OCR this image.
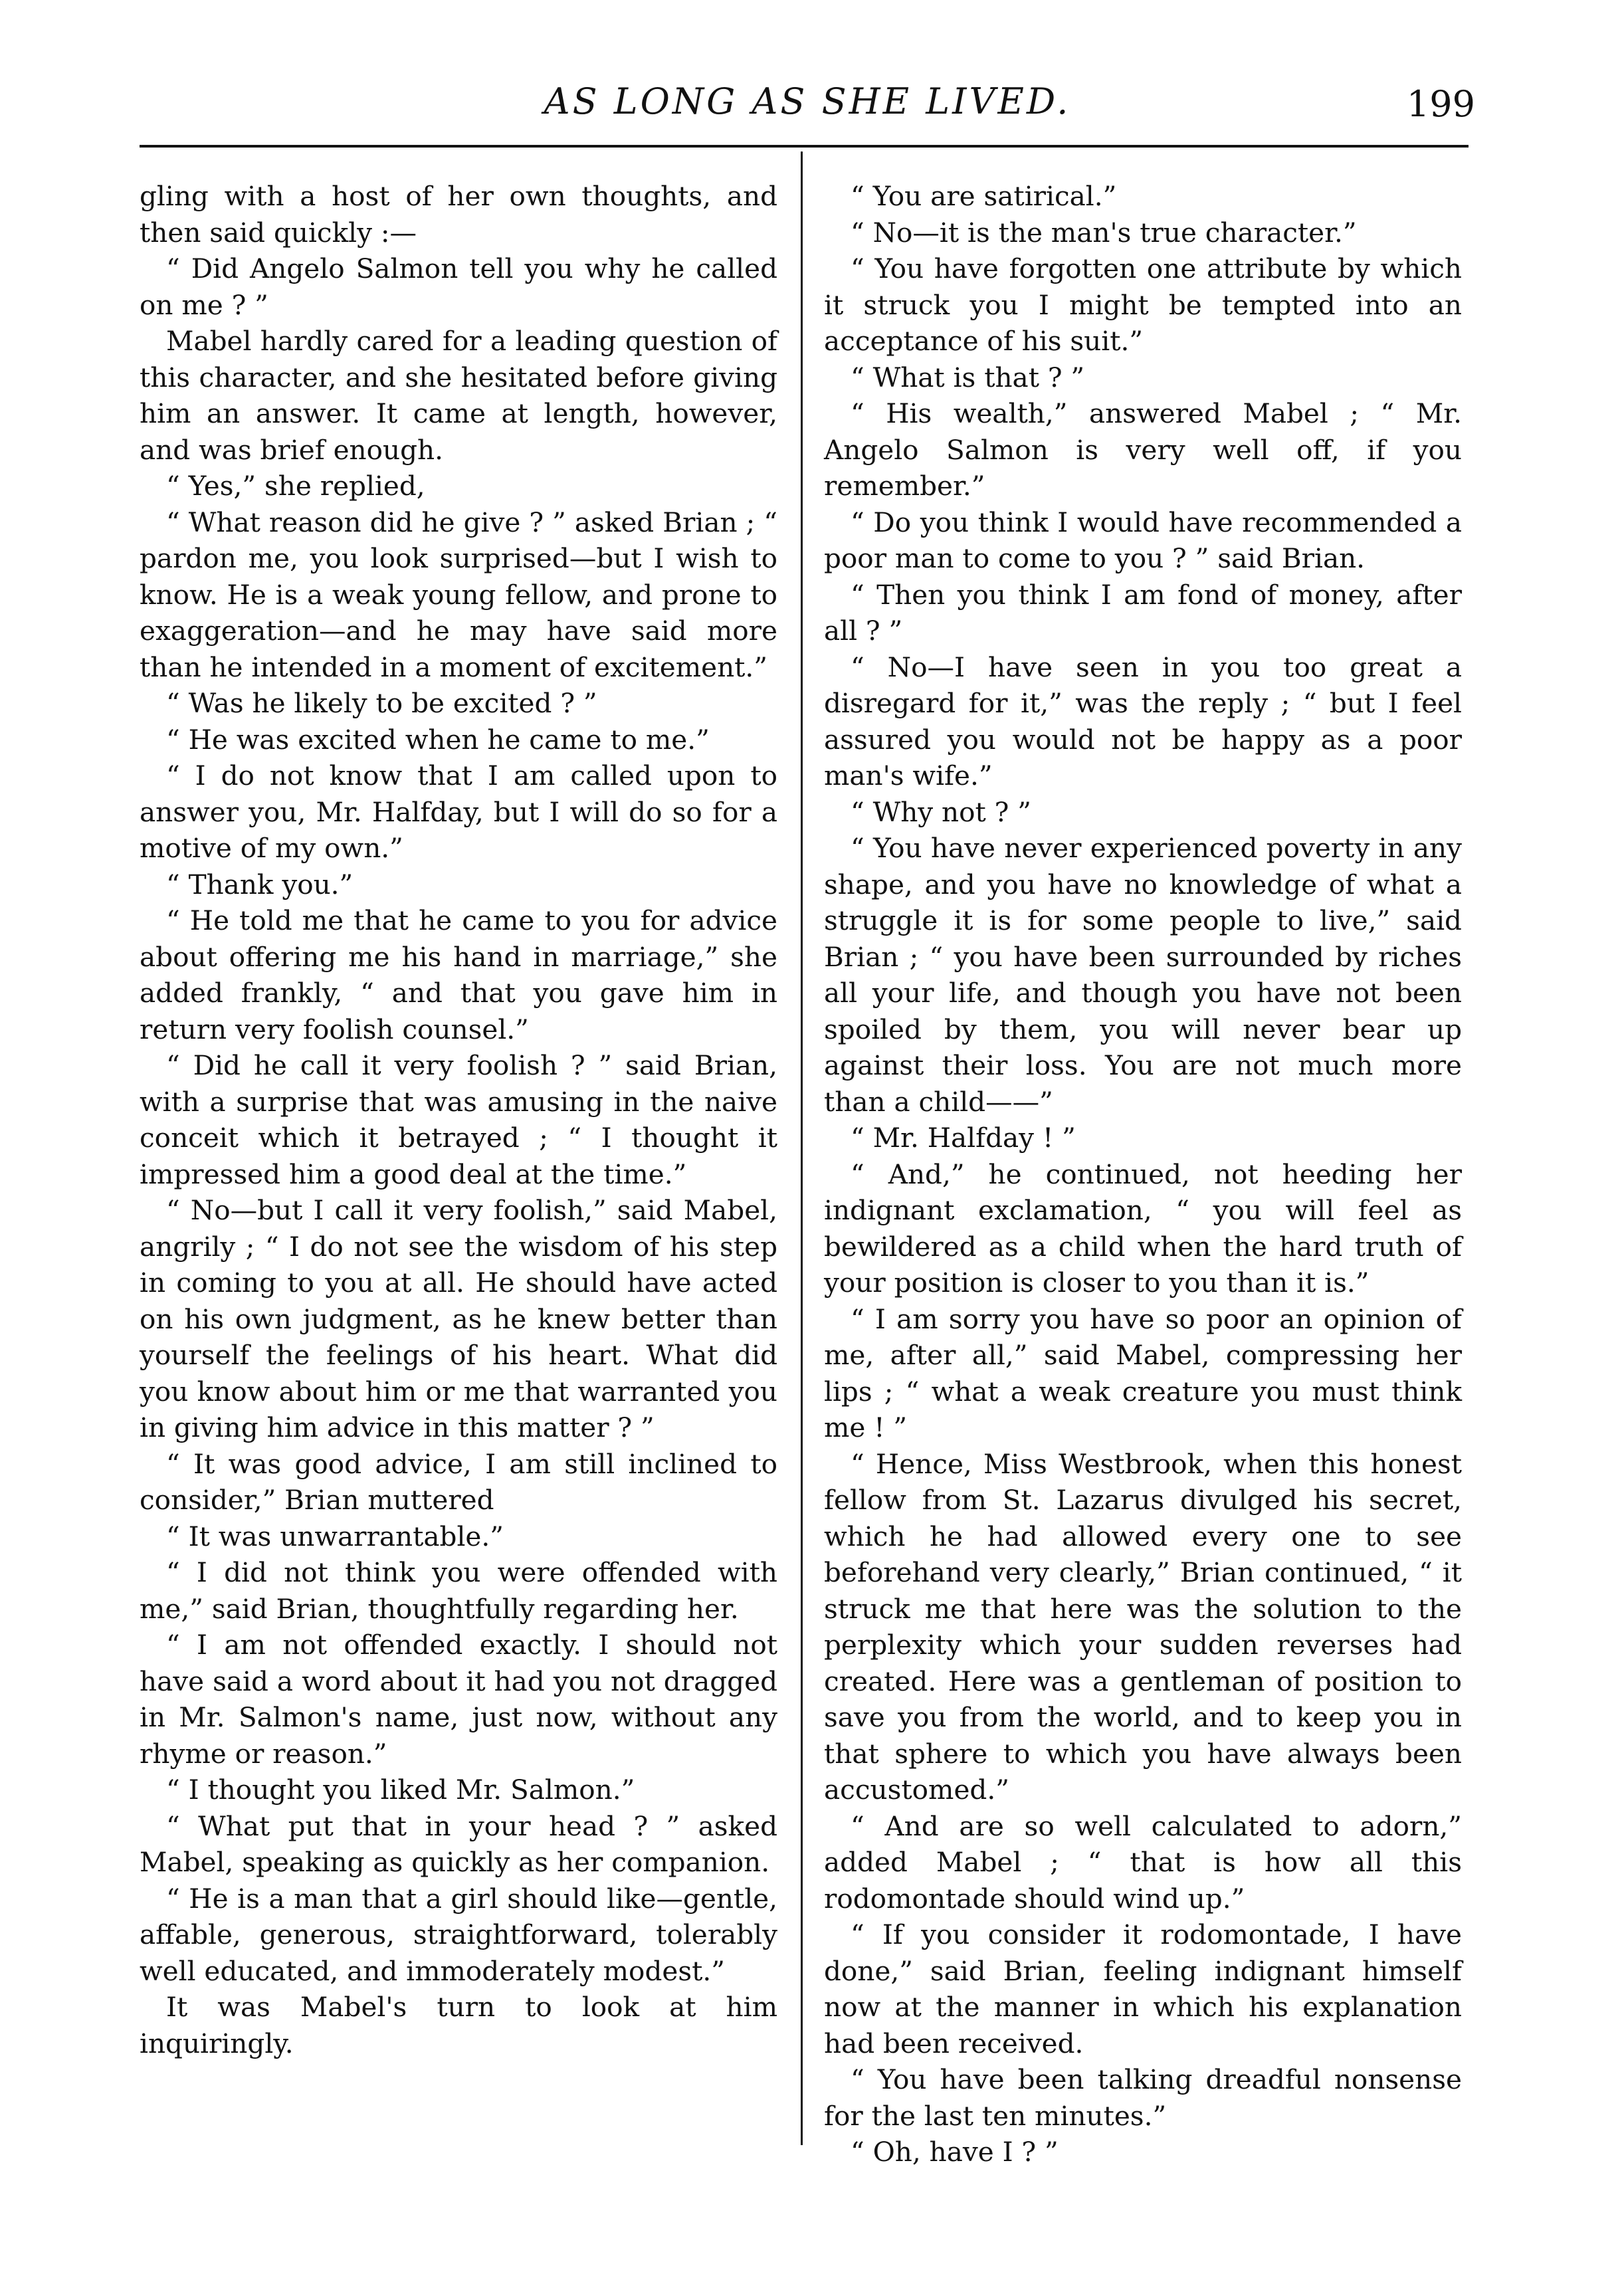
AS LONG AS SHE LIVED.	199

gling with a host of her own thoughts, and then said quickly :—

“ Did Angelo Salmon tell you why he called on me ? ”

Mabel hardly cared for a leading question of this character, and she hesitated before giving him an answer. It came at length, however, and was brief enough.

“ Yes,” she replied,

“ What reason did he give ? ” asked Brian ; “ pardon me, you look surprised—but I wish to know. He is a weak young fellow, and prone to exaggeration—and he may have said more than he intended in a moment of excitement.”

“ Was he likely to be excited ? ”

“ He was excited when he came to me.”

“ I do not know that I am called upon to answer you, Mr. Halfday, but I will do so for a motive of my own.”

“ Thank you.”

“ He told me that he came to you for advice about offering me his hand in marriage,” she added frankly, “ and that you gave him in return very foolish counsel.”

“ Did he call it very foolish ? ” said Brian, with a surprise that was amusing in the naive conceit which it betrayed ; “ I thought it impressed him a good deal at the time.”

“ No—but I call it very foolish,” said Mabel, angrily ; “ I do not see the wisdom of his step in coming to you at all. He should have acted on his own judgment, as he knew better than yourself the feelings of his heart. What did you know about him or me that warranted you in giving him advice in this matter ? ”

“ It was good advice, I am still inclined to consider,” Brian muttered

“ It was unwarrantable.”

“ I did not think you were offended with me,” said Brian, thoughtfully regarding her.

“ I am not offended exactly. I should not have said a word about it had you not dragged in Mr. Salmon's name, just now, without any rhyme or reason.”

“ I thought you liked Mr. Salmon.”

“ What put that in your head ? ” asked Mabel, speaking as quickly as her companion.

“ He is a man that a girl should like—gentle, affable, generous, straightforward, tolerably well educated, and immoderately modest.”

It was Mabel's turn to look at him inquiringly.

“ You are satirical.”

“ No—it is the man's true character.”

“ You have forgotten one attribute by which it struck you I might be tempted into an acceptance of his suit.”

“ What is that ? ”

“ His wealth,” answered Mabel ; “ Mr. Angelo Salmon is very well off, if you remember.”

“ Do you think I would have recommended a poor man to come to you ? ” said Brian.

“ Then you think I am fond of money, after all ? ”

“ No—I have seen in you too great a disregard for it,” was the reply ; “ but I feel assured you would not be happy as a poor man's wife.”

“ Why not ? ”

“ You have never experienced poverty in any shape, and you have no knowledge of what a struggle it is for some people to live,” said Brian ; “ you have been surrounded by riches all your life, and though you have not been spoiled by them, you will never bear up against their loss. You are not much more than a child——”

“ Mr. Halfday ! ”

“ And,” he continued, not heeding her indignant exclamation, “ you will feel as bewildered as a child when the hard truth of your position is closer to you than it is.”

“ I am sorry you have so poor an opinion of me, after all,” said Mabel, compressing her lips ; “ what a weak creature you must think me ! ”

“ Hence, Miss Westbrook, when this honest fellow from St. Lazarus divulged his secret, which he had allowed every one to see beforehand very clearly,” Brian continued, “ it struck me that here was the solution to the perplexity which your sudden reverses had created. Here was a gentleman of position to save you from the world, and to keep you in that sphere to which you have always been accustomed.”

“ And are so well calculated to adorn,” added Mabel ; “ that is how all this rodomontade should wind up.”

“ If you consider it rodomontade, I have done,” said Brian, feeling indignant himself now at the manner in which his explanation had been received.

“ You have been talking dreadful nonsense for the last ten minutes.”

“ Oh, have I ? ”
